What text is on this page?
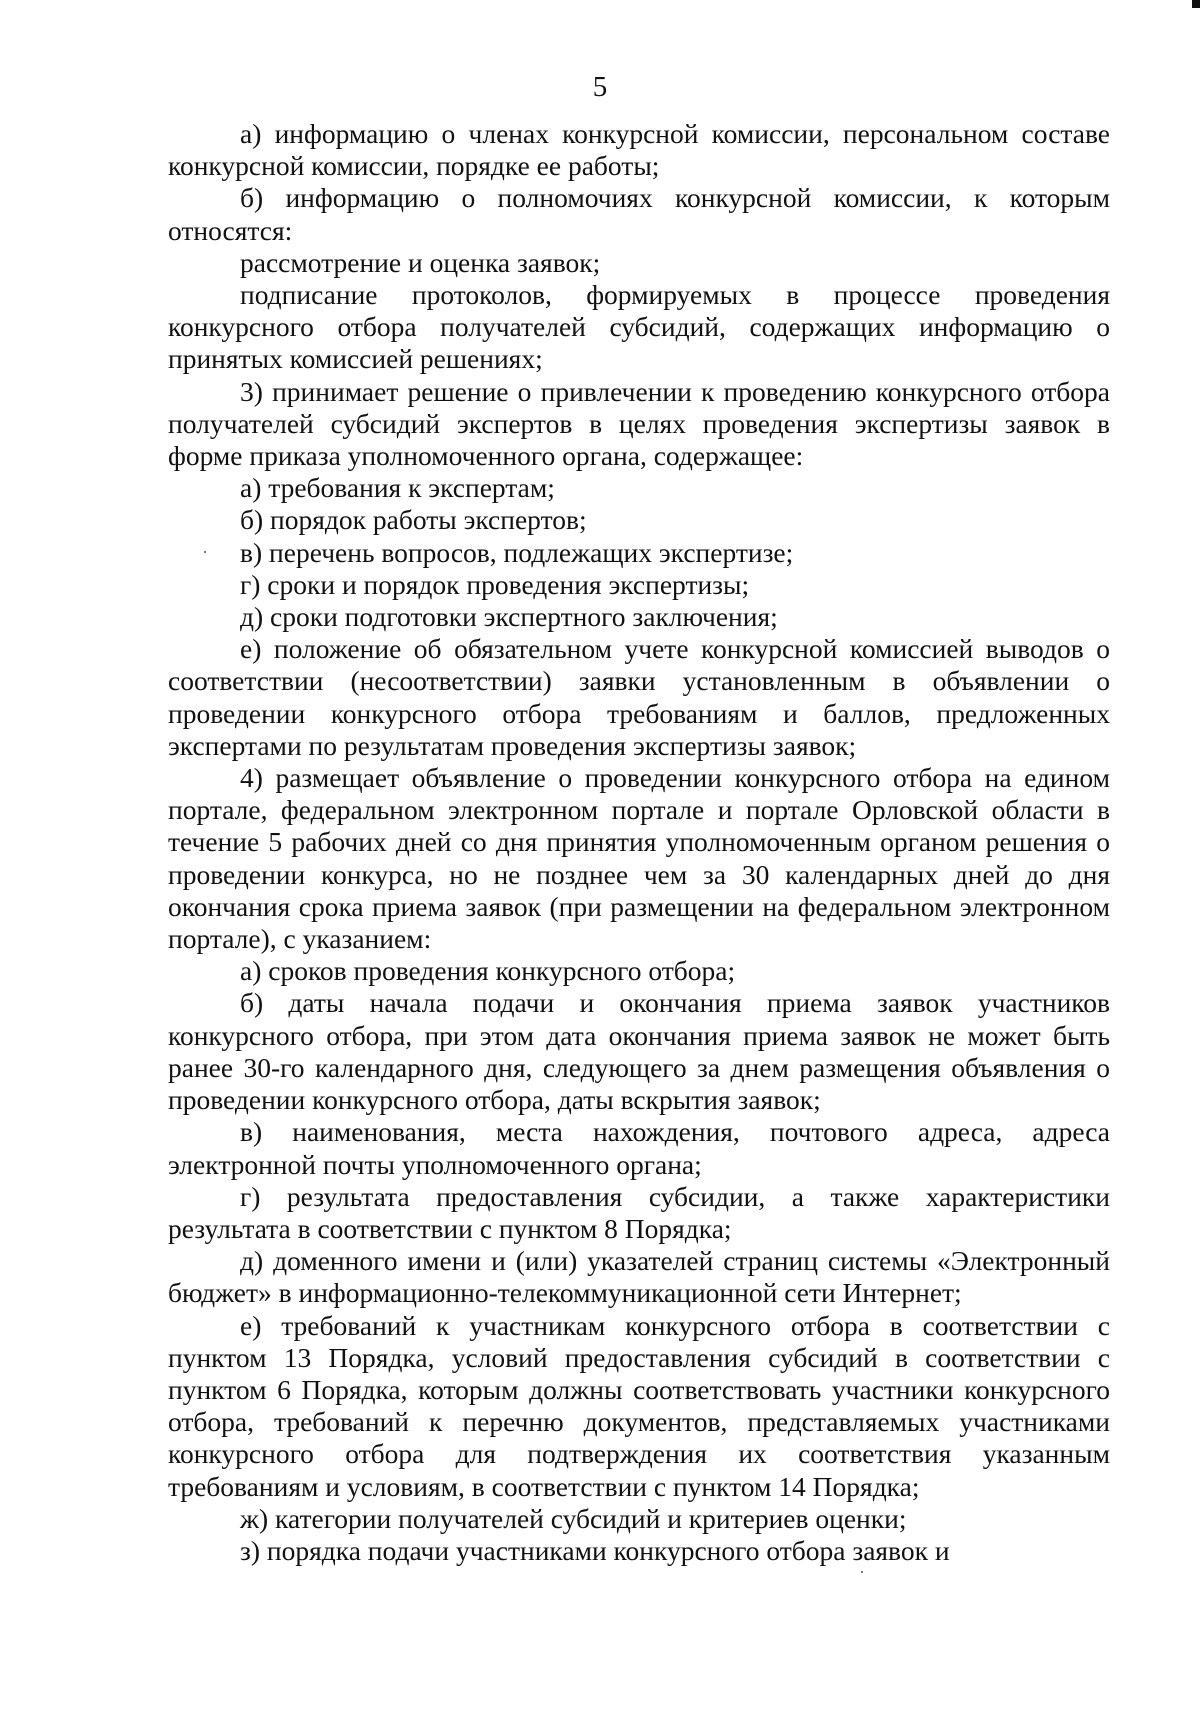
5

а) информацию о членах конкурсной комиссии, персональном составе конкурсной комиссии, порядке ее работы;

б) информацию о полномочиях конкурсной комиссии, к которым относятся:

рассмотрение и оценка заявок;

подписание протоколов, формируемых в процессе проведения конкурсного отбора получателей субсидий, содержащих информацию о принятых комиссией решениях;

3) принимает решение о привлечении к проведению конкурсного отбора получателей субсидий экспертов в целях проведения экспертизы заявок в форме приказа уполномоченного органа, содержащее:

а) требования к экспертам;

б) порядок работы экспертов;

в) перечень вопросов, подлежащих экспертизе;

г) сроки и порядок проведения экспертизы;

д) сроки подготовки экспертного заключения;

е) положение об обязательном учете конкурсной комиссией выводов о соответствии (несоответствии) заявки установленным в объявлении о проведении конкурсного отбора требованиям и баллов, предложенных экспертами по результатам проведения экспертизы заявок;

4) размещает объявление о проведении конкурсного отбора на едином портале, федеральном электронном портале и портале Орловской области в течение 5 рабочих дней со дня принятия уполномоченным органом решения о проведении конкурса, но не позднее чем за 30 календарных дней до дня окончания срока приема заявок (при размещении на федеральном электронном портале), с указанием:

а) сроков проведения конкурсного отбора;

б) даты начала подачи и окончания приема заявок участников конкурсного отбора, при этом дата окончания приема заявок не может быть ранее 30-го календарного дня, следующего за днем размещения объявления о проведении конкурсного отбора, даты вскрытия заявок;

в) наименования, места нахождения, почтового адреса, адреса электронной почты уполномоченного органа;

г) результата предоставления субсидии, а также характеристики результата в соответствии с пунктом 8 Порядка;

д) доменного имени и (или) указателей страниц системы «Электронный бюджет» в информационно-телекоммуникационной сети Интернет;

е) требований к участникам конкурсного отбора в соответствии с пунктом 13 Порядка, условий предоставления субсидий в соответствии с пунктом 6 Порядка, которым должны соответствовать участники конкурсного отбора, требований к перечню документов, представляемых участниками конкурсного отбора для подтверждения их соответствия указанным требованиям и условиям, в соответствии с пунктом 14 Порядка;

ж) категории получателей субсидий и критериев оценки;

з) порядка подачи участниками конкурсного отбора заявок и
